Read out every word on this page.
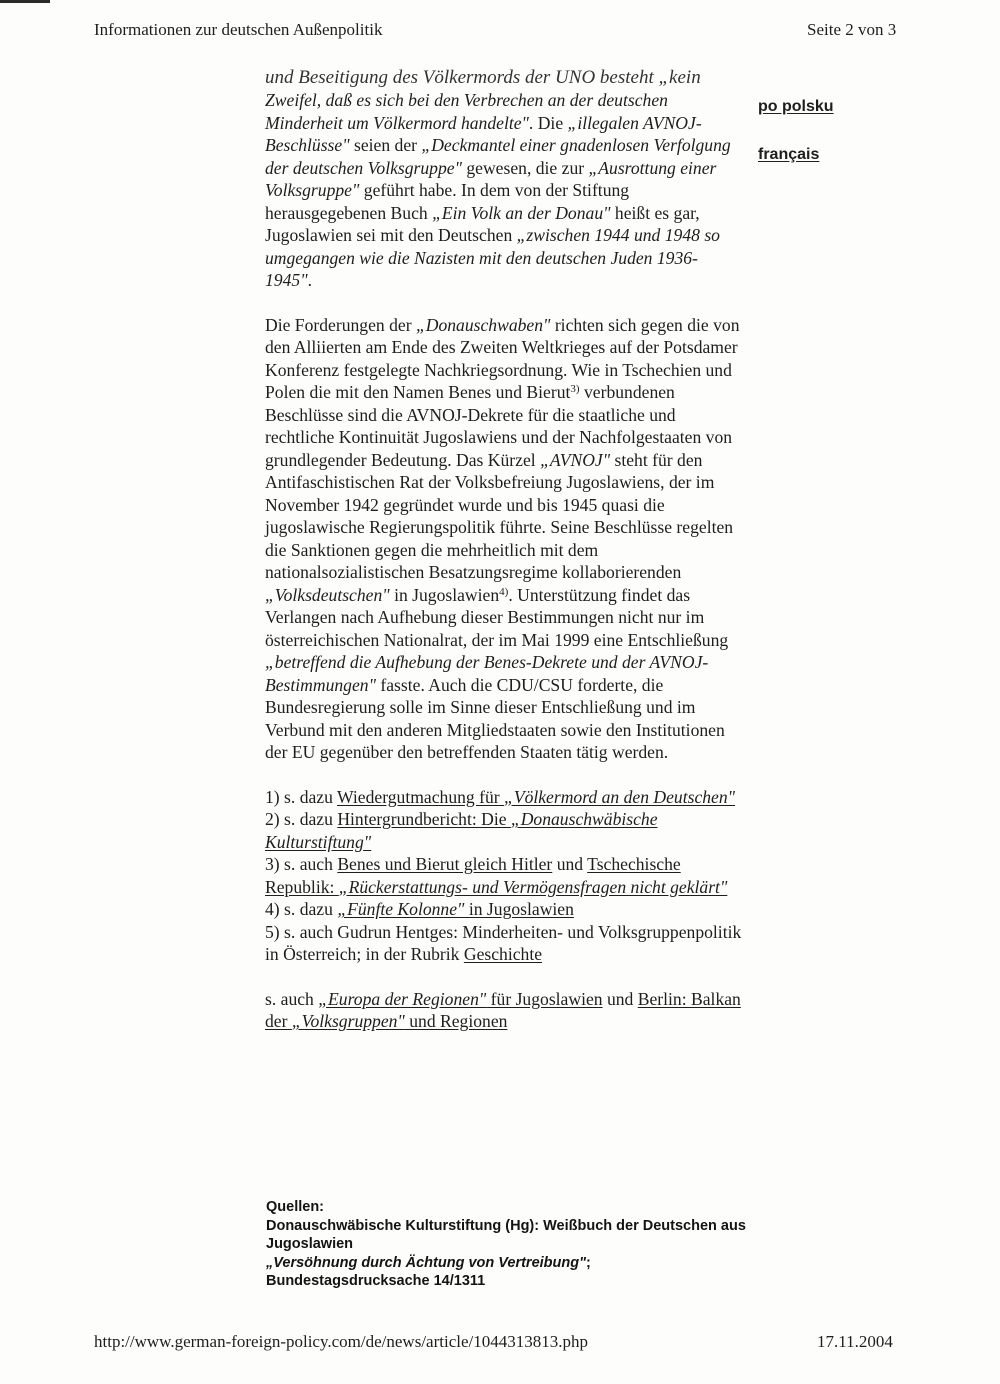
Informationen zur deutschen Außenpolitik	Seite 2 von 3
und Beseitigung des Völkermords der UNO besteht „kein

Zweifel, daß es sich bei den Verbrechen an der deutschen Minderheit um Völkermord handelte". Die „illegalen AVNOJ-Beschlüsse" seien der „Deckmantel einer gnadenlosen Verfolgung der deutschen Volksgruppe" gewesen, die zur „Ausrottung einer Volksgruppe" geführt habe. In dem von der Stiftung herausgegebenen Buch „Ein Volk an der Donau" heißt es gar, Jugoslawien sei mit den Deutschen „zwischen 1944 und 1948 so umgegangen wie die Nazisten mit den deutschen Juden 1936-1945".

Die Forderungen der „Donauschwaben" richten sich gegen die von den Alliierten am Ende des Zweiten Weltkrieges auf der Potsdamer Konferenz festgelegte Nachkriegsordnung. Wie in Tschechien und Polen die mit den Namen Benes und Bierut$^{3)}$ verbundenen Beschlüsse sind die AVNOJ-Dekrete für die staatliche und rechtliche Kontinuität Jugoslawiens und der Nachfolgestaaten von grundlegender Bedeutung. Das Kürzel „AVNOJ" steht für den Antifaschistischen Rat der Volksbefreiung Jugoslawiens, der im November 1942 gegründet wurde und bis 1945 quasi die jugoslawische Regierungspolitik führte. Seine Beschlüsse regelten die Sanktionen gegen die mehrheitlich mit dem nationalsozialistischen Besatzungsregime kollaborierenden „Volksdeutschen" in Jugoslawien$^{4)}$. Unterstützung findet das Verlangen nach Aufhebung dieser Bestimmungen nicht nur im österreichischen Nationalrat, der im Mai 1999 eine Entschließung „betreffend die Aufhebung der Benes-Dekrete und der AVNOJ-Bestimmungen" fasste. Auch die CDU/CSU forderte, die Bundesregierung solle im Sinne dieser Entschließung und im Verbund mit den anderen Mitgliedstaaten sowie den Institutionen der EU gegenüber den betreffenden Staaten tätig werden.

1) s. dazu Wiedergutmachung für „Völkermord an den Deutschen"
2) s. dazu Hintergrundbericht: Die „Donauschwäbische Kulturstiftung"
3) s. auch Benes und Bierut gleich Hitler und Tschechische Republik: „Rückerstattungs- und Vermögensfragen nicht geklärt"
4) s. dazu „Fünfte Kolonne" in Jugoslawien
5) s. auch Gudrun Hentges: Minderheiten- und Volksgruppenpolitik in Österreich; in der Rubrik Geschichte
s. auch „Europa der Regionen" für Jugoslawien und Berlin: Balkan der „Volksgruppen" und Regionen
po polsku
français
Quellen:
Donauschwäbische Kulturstiftung (Hg): Weißbuch der Deutschen aus Jugoslawien
„Versöhnung durch Ächtung von Vertreibung";
Bundestagsdrucksache 14/1311
http://www.german-foreign-policy.com/de/news/article/1044313813.php	17.11.2004
